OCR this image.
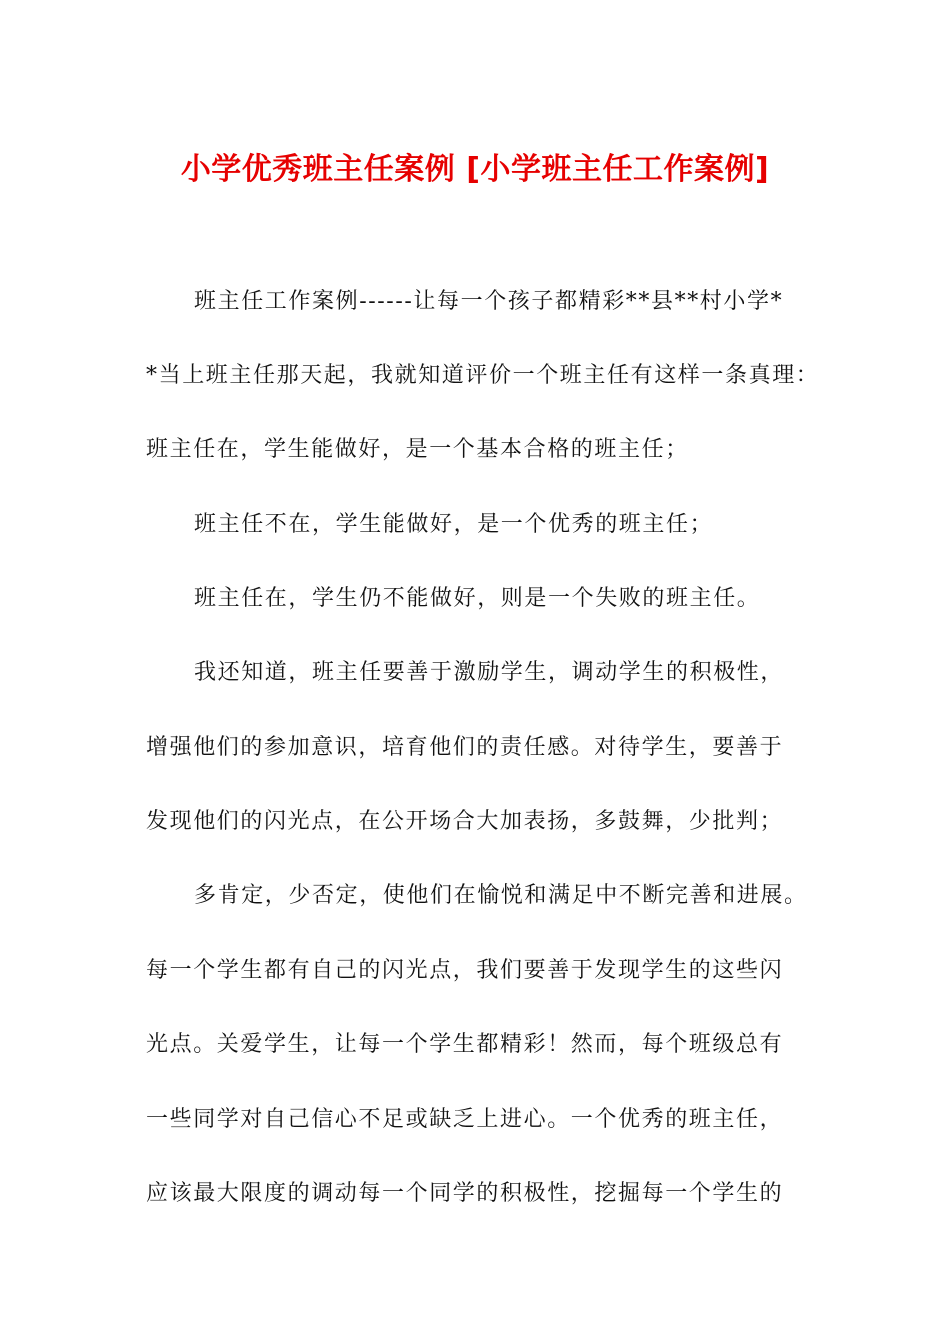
小学优秀班主任案例 [小学班主任工作案例]
班主任工作案例------让每一个孩子都精彩**县**村小学*
*当上班主任那天起，我就知道评价一个班主任有这样一条真理：
班主任在，学生能做好，是一个基本合格的班主任；
班主任不在，学生能做好，是一个优秀的班主任；
班主任在，学生仍不能做好，则是一个失败的班主任。
我还知道，班主任要善于激励学生，调动学生的积极性，
增强他们的参加意识，培育他们的责任感。对待学生，要善于
发现他们的闪光点，在公开场合大加表扬，多鼓舞，少批判；
多肯定，少否定，使他们在愉悦和满足中不断完善和进展。
每一个学生都有自己的闪光点，我们要善于发现学生的这些闪
光点。关爱学生，让每一个学生都精彩！然而，每个班级总有
一些同学对自己信心不足或缺乏上进心。一个优秀的班主任，
应该最大限度的调动每一个同学的积极性，挖掘每一个学生的
